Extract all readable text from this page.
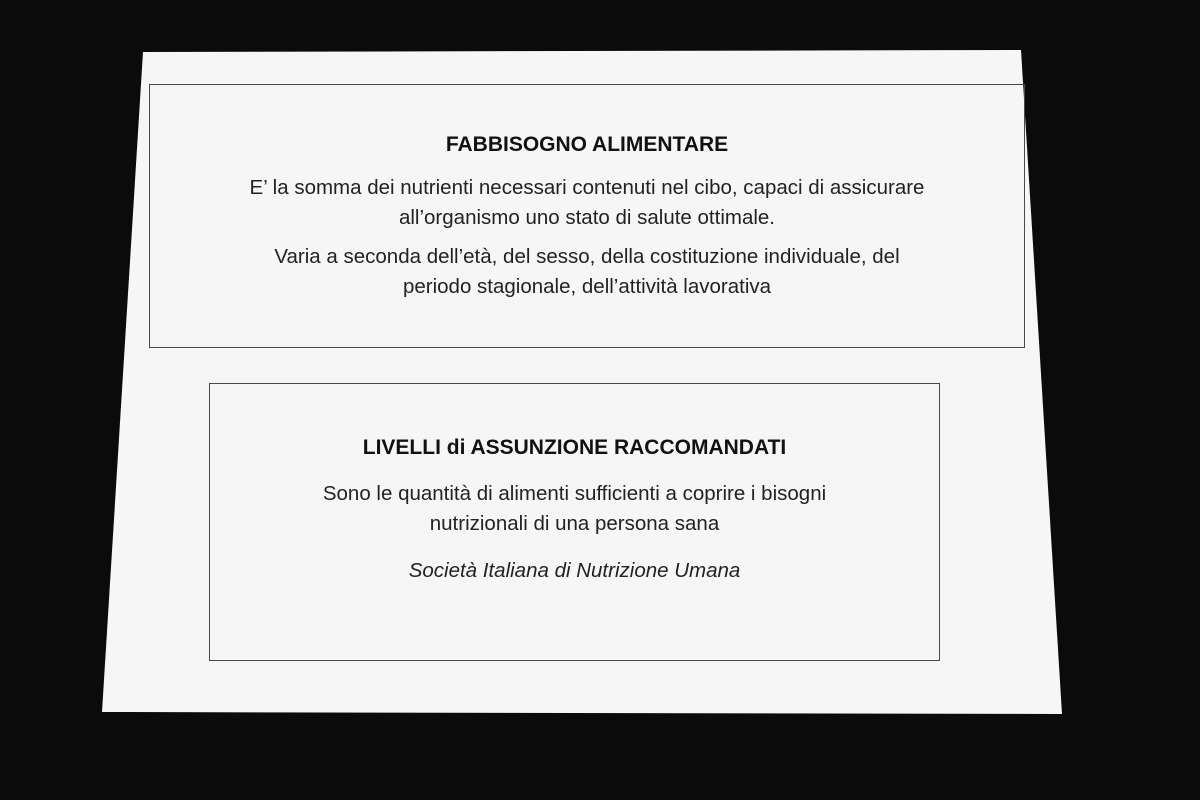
FABBISOGNO ALIMENTARE

E’ la somma dei nutrienti necessari contenuti nel cibo, capaci di assicurare
all’organismo uno stato di salute ottimale.

Varia a seconda dell’età, del sesso, della costituzione individuale, del
periodo stagionale, dell’attività lavorativa

LIVELLI di ASSUNZIONE RACCOMANDATI

Sono le quantità di alimenti sufficienti a coprire i bisogni
nutrizionali di una persona sana

Società Italiana di Nutrizione Umana
